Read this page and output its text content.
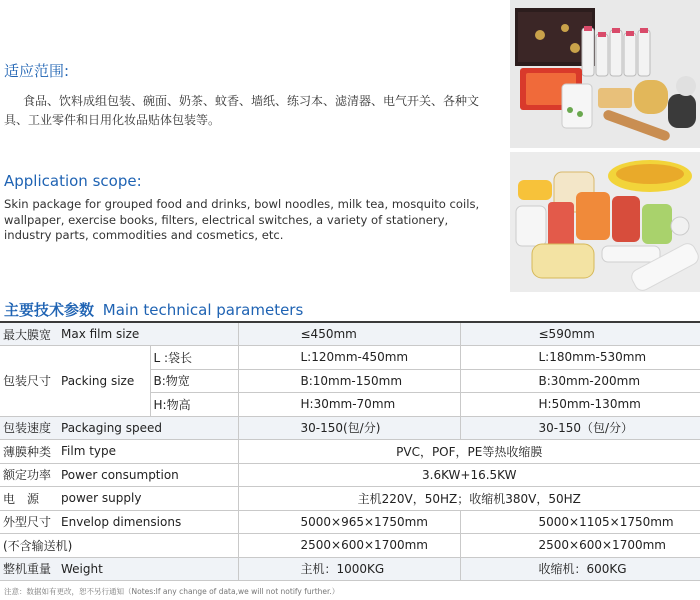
适应范围:
食品、饮料成组包装、碗面、奶茶、蚊香、墙纸、练习本、滤清器、电气开关、各种文具、工业零件和日用化妆品贴体包装等。
Application scope:
Skin package for grouped food and drinks, bowl noodles, milk tea, mosquito coils, wallpaper, exercise books, filters, electrical switches, a variety of stationery, industry parts, commodities and cosmetics, etc.
主要技术参数 Main technical parameters
最大膜宽	Max film size		≤450mm	≤590mm
包装尺寸	Packing size	L :袋长	L:120mm-450mm	L:180mm-530mm
		B:物宽	B:10mm-150mm	B:30mm-200mm
		H:物高	H:30mm-70mm	H:50mm-130mm
包装速度	Packaging speed		30-150(包/分)	30-150（包/分）
薄膜种类	Film type		PVC，POF，PE等热收缩膜	
额定功率	Power consumption		3.6KW+16.5KW	
电　源	power supply		主机220V，50HZ；收缩机380V，50HZ	
外型尺寸	Envelop dimensions		5000×965×1750mm	5000×1105×1750mm
(不含输送机)			2500×600×1700mm	2500×600×1700mm
整机重量	Weight		主机：1000KG	收缩机：600KG
注意：数据如有更改，恕不另行通知（Notes:If any change of data,we will not notify further.）
